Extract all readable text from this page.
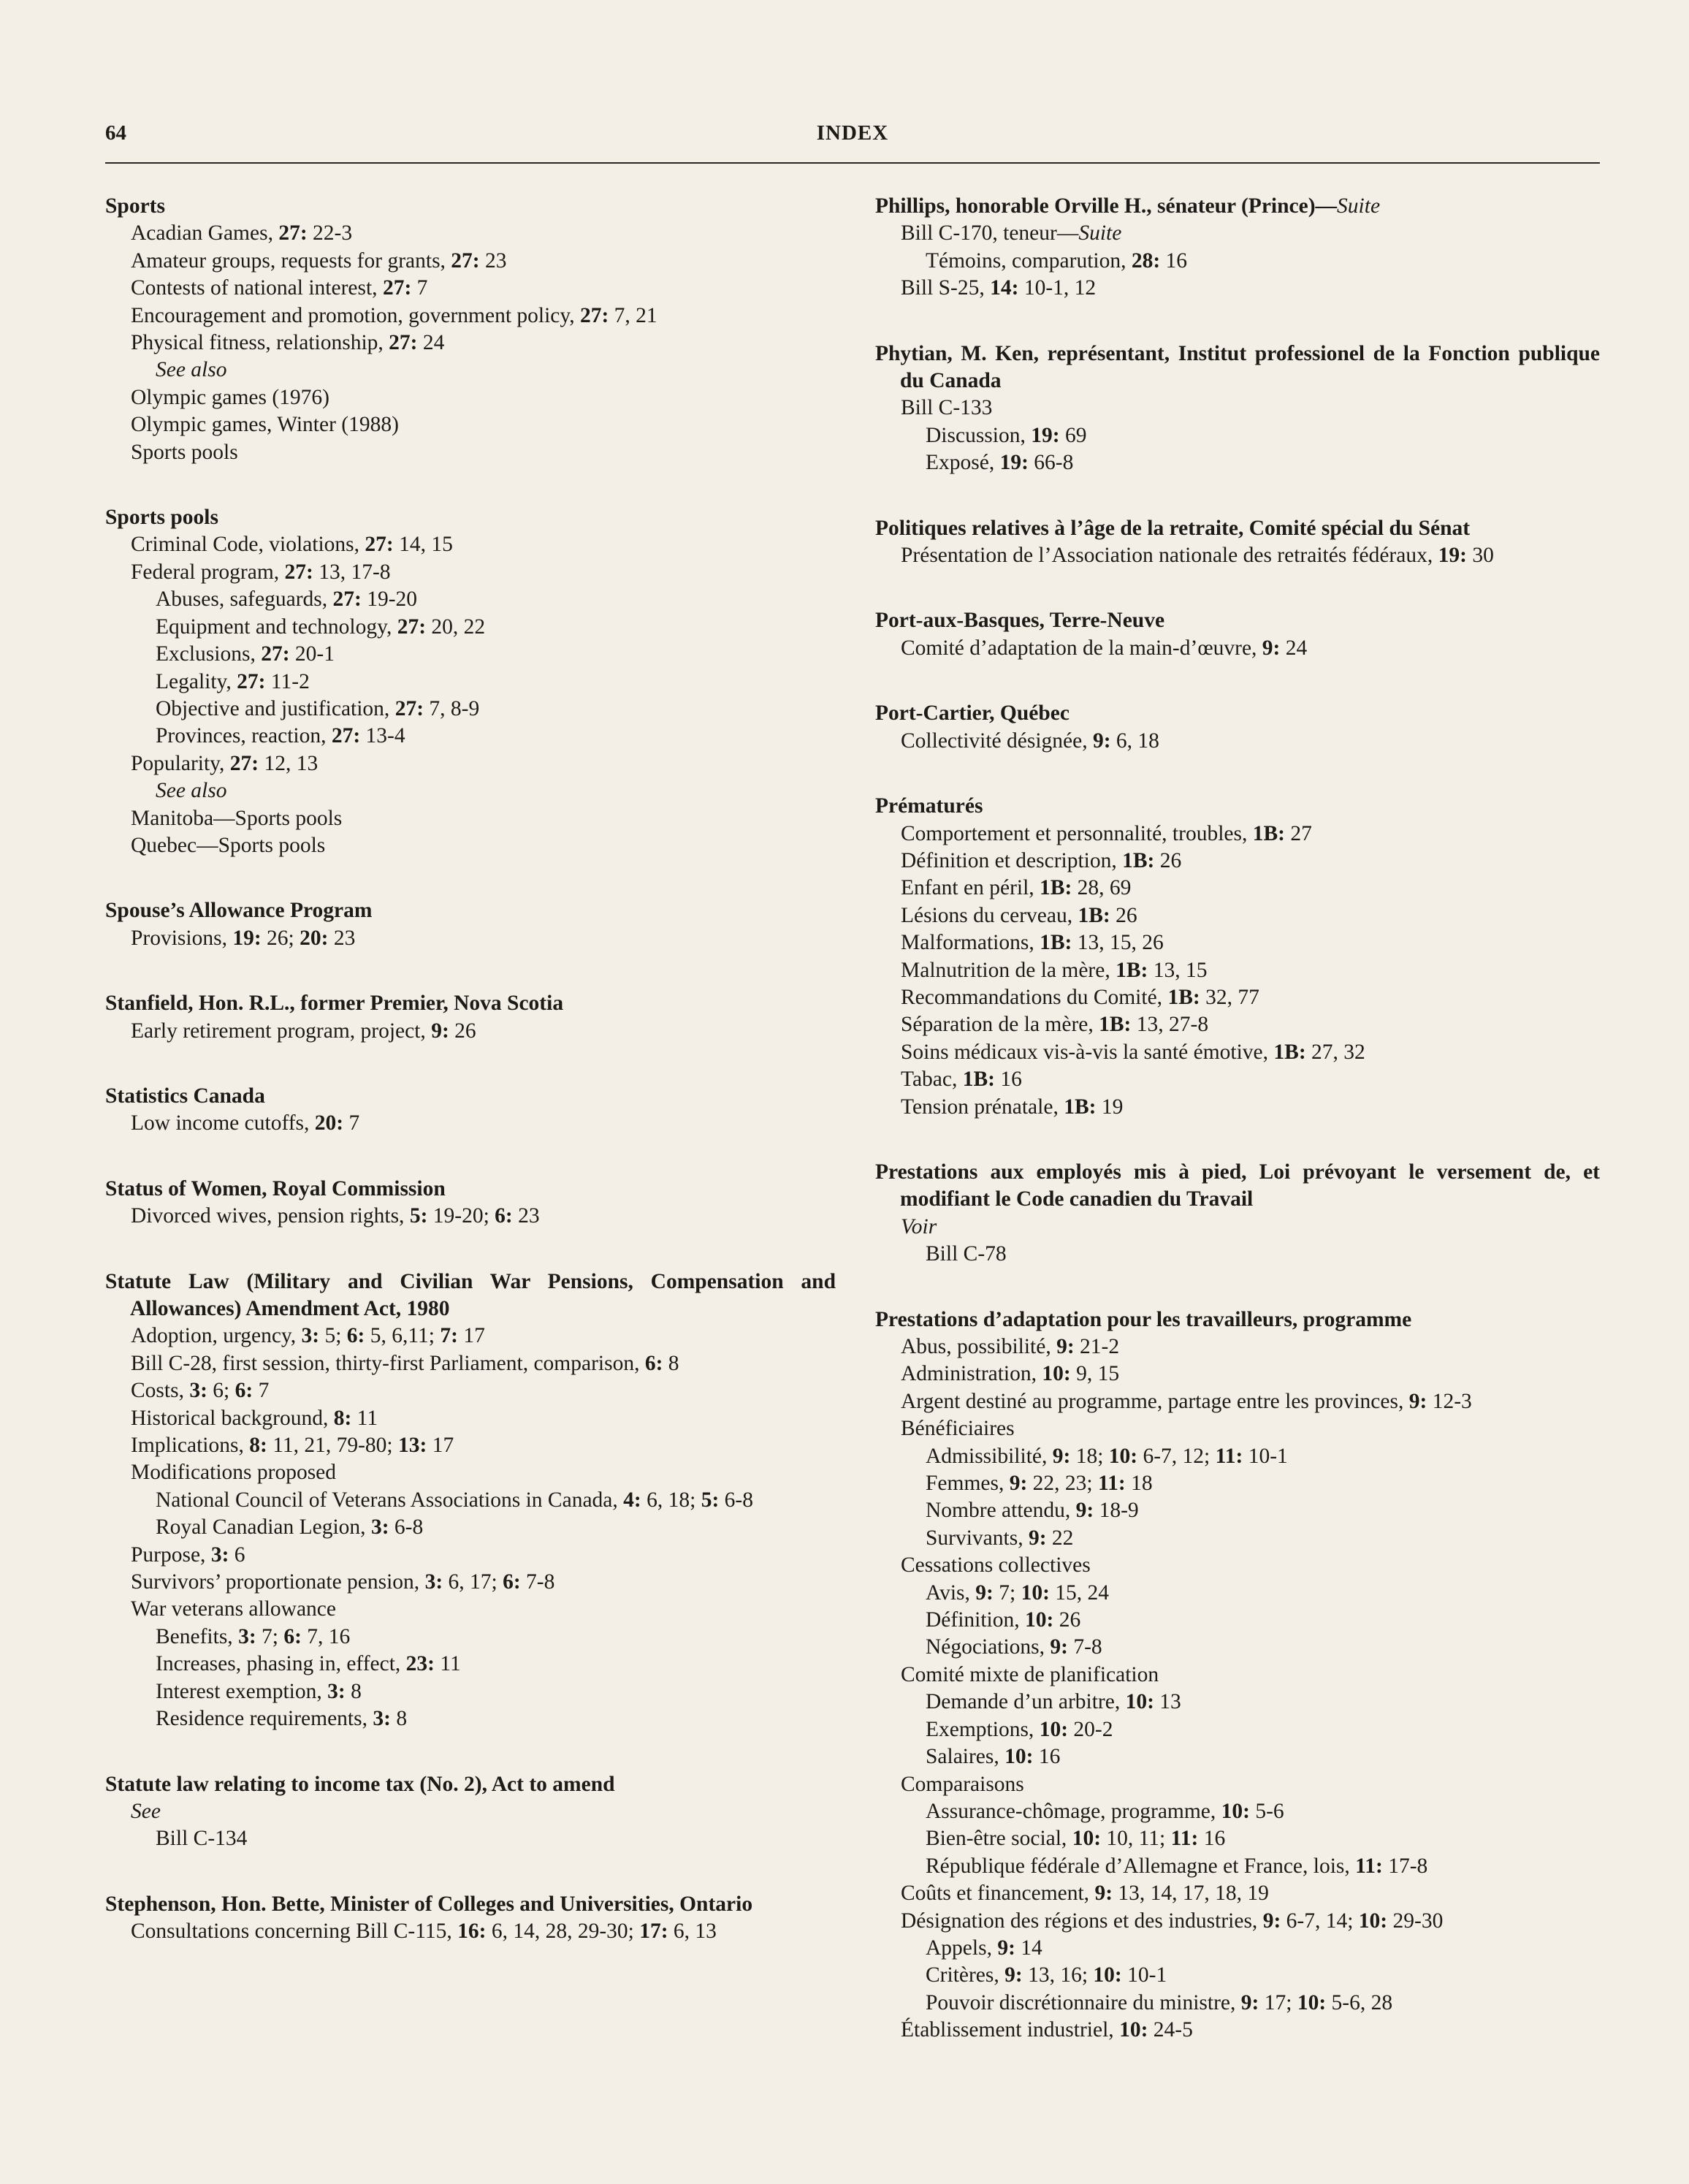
64	INDEX
Sports
Acadian Games, 27: 22-3
Amateur groups, requests for grants, 27: 23
Contests of national interest, 27: 7
Encouragement and promotion, government policy, 27: 7, 21
Physical fitness, relationship, 27: 24
See also
Olympic games (1976)
Olympic games, Winter (1988)
Sports pools
Sports pools
Criminal Code, violations, 27: 14, 15
Federal program, 27: 13, 17-8
Abuses, safeguards, 27: 19-20
Equipment and technology, 27: 20, 22
Exclusions, 27: 20-1
Legality, 27: 11-2
Objective and justification, 27: 7, 8-9
Provinces, reaction, 27: 13-4
Popularity, 27: 12, 13
See also
Manitoba—Sports pools
Quebec—Sports pools
Spouse’s Allowance Program
Provisions, 19: 26; 20: 23
Stanfield, Hon. R.L., former Premier, Nova Scotia
Early retirement program, project, 9: 26
Statistics Canada
Low income cutoffs, 20: 7
Status of Women, Royal Commission
Divorced wives, pension rights, 5: 19-20; 6: 23
Statute Law (Military and Civilian War Pensions, Compensation and Allowances) Amendment Act, 1980
Adoption, urgency, 3: 5; 6: 5, 6,11; 7: 17
Bill C-28, first session, thirty-first Parliament, comparison, 6: 8
Costs, 3: 6; 6: 7
Historical background, 8: 11
Implications, 8: 11, 21, 79-80; 13: 17
Modifications proposed
National Council of Veterans Associations in Canada, 4: 6, 18; 5: 6-8
Royal Canadian Legion, 3: 6-8
Purpose, 3: 6
Survivors’ proportionate pension, 3: 6, 17; 6: 7-8
War veterans allowance
Benefits, 3: 7; 6: 7, 16
Increases, phasing in, effect, 23: 11
Interest exemption, 3: 8
Residence requirements, 3: 8
Statute law relating to income tax (No. 2), Act to amend
See
Bill C-134
Stephenson, Hon. Bette, Minister of Colleges and Universities, Ontario
Consultations concerning Bill C-115, 16: 6, 14, 28, 29-30; 17: 6, 13
Phillips, honorable Orville H., sénateur (Prince)—Suite
Bill C-170, teneur—Suite
Témoins, comparution, 28: 16
Bill S-25, 14: 10-1, 12
Phytian, M. Ken, représentant, Institut professionel de la Fonction publique du Canada
Bill C-133
Discussion, 19: 69
Exposé, 19: 66-8
Politiques relatives à l’âge de la retraite, Comité spécial du Sénat
Présentation de l’Association nationale des retraités fédéraux, 19: 30
Port-aux-Basques, Terre-Neuve
Comité d’adaptation de la main-d’œuvre, 9: 24
Port-Cartier, Québec
Collectivité désignée, 9: 6, 18
Prématurés
Comportement et personnalité, troubles, 1B: 27
Définition et description, 1B: 26
Enfant en péril, 1B: 28, 69
Lésions du cerveau, 1B: 26
Malformations, 1B: 13, 15, 26
Malnutrition de la mère, 1B: 13, 15
Recommandations du Comité, 1B: 32, 77
Séparation de la mère, 1B: 13, 27-8
Soins médicaux vis-à-vis la santé émotive, 1B: 27, 32
Tabac, 1B: 16
Tension prénatale, 1B: 19
Prestations aux employés mis à pied, Loi prévoyant le versement de, et modifiant le Code canadien du Travail
Voir
Bill C-78
Prestations d’adaptation pour les travailleurs, programme
Abus, possibilité, 9: 21-2
Administration, 10: 9, 15
Argent destiné au programme, partage entre les provinces, 9: 12-3
Bénéficiaires
Admissibilité, 9: 18; 10: 6-7, 12; 11: 10-1
Femmes, 9: 22, 23; 11: 18
Nombre attendu, 9: 18-9
Survivants, 9: 22
Cessations collectives
Avis, 9: 7; 10: 15, 24
Définition, 10: 26
Négociations, 9: 7-8
Comité mixte de planification
Demande d’un arbitre, 10: 13
Exemptions, 10: 20-2
Salaires, 10: 16
Comparaisons
Assurance-chômage, programme, 10: 5-6
Bien-être social, 10: 10, 11; 11: 16
République fédérale d’Allemagne et France, lois, 11: 17-8
Coûts et financement, 9: 13, 14, 17, 18, 19
Désignation des régions et des industries, 9: 6-7, 14; 10: 29-30
Appels, 9: 14
Critères, 9: 13, 16; 10: 10-1
Pouvoir discrétionnaire du ministre, 9: 17; 10: 5-6, 28
Établissement industriel, 10: 24-5
